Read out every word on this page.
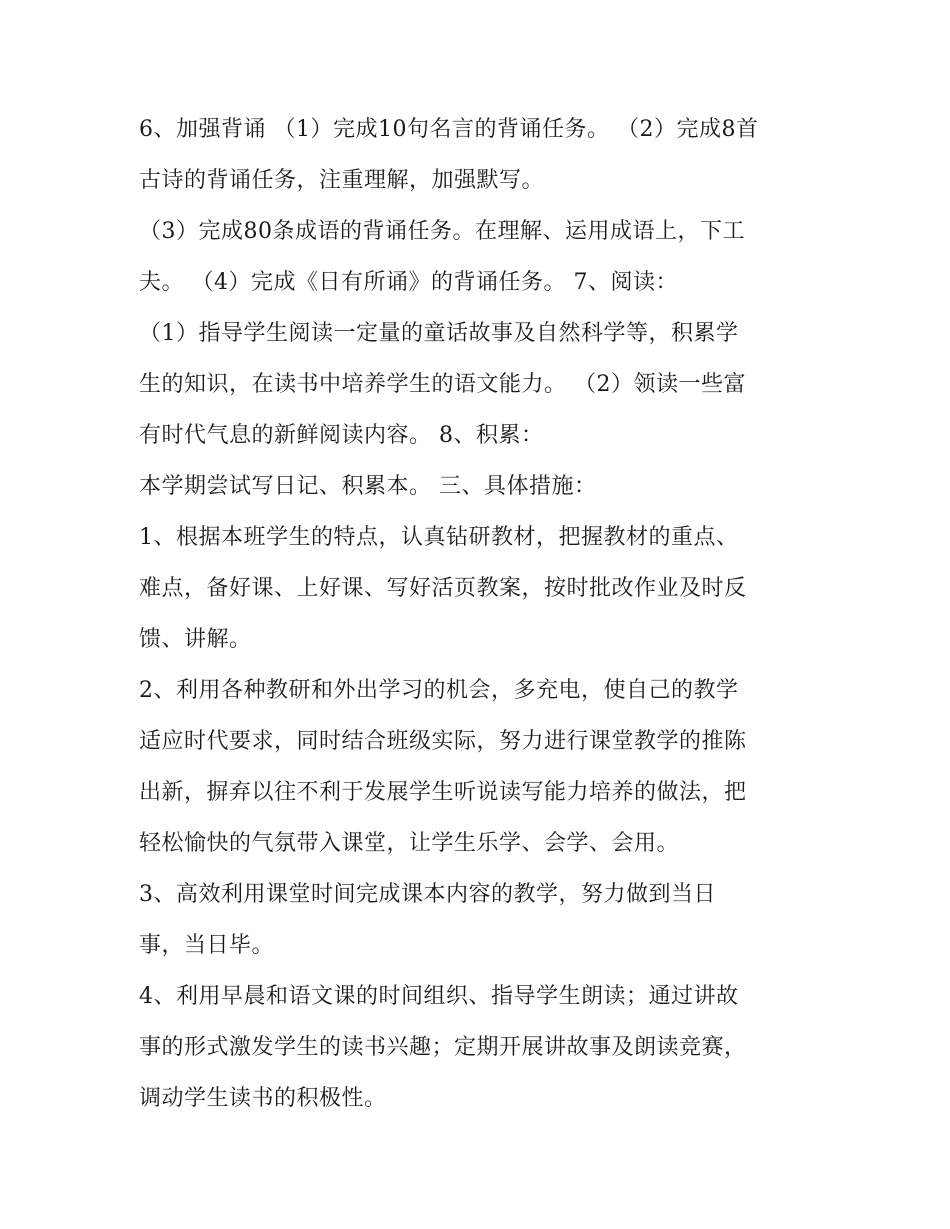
6、加强背诵 （1）完成10句名言的背诵任务。 （2）完成8首
古诗的背诵任务，注重理解，加强默写。
（3）完成80条成语的背诵任务。在理解、运用成语上，下工
夫。 （4）完成《日有所诵》的背诵任务。 7、阅读：
（1）指导学生阅读一定量的童话故事及自然科学等，积累学
生的知识，在读书中培养学生的语文能力。 （2）领读一些富
有时代气息的新鲜阅读内容。 8、积累：
本学期尝试写日记、积累本。 三、具体措施：
1、根据本班学生的特点，认真钻研教材，把握教材的重点、
难点，备好课、上好课、写好活页教案，按时批改作业及时反
馈、讲解。
2、利用各种教研和外出学习的机会，多充电，使自己的教学
适应时代要求，同时结合班级实际，努力进行课堂教学的推陈
出新，摒弃以往不利于发展学生听说读写能力培养的做法，把
轻松愉快的气氛带入课堂，让学生乐学、会学、会用。
3、高效利用课堂时间完成课本内容的教学，努力做到当日
事，当日毕。
4、利用早晨和语文课的时间组织、指导学生朗读；通过讲故
事的形式激发学生的读书兴趣；定期开展讲故事及朗读竞赛，
调动学生读书的积极性。
